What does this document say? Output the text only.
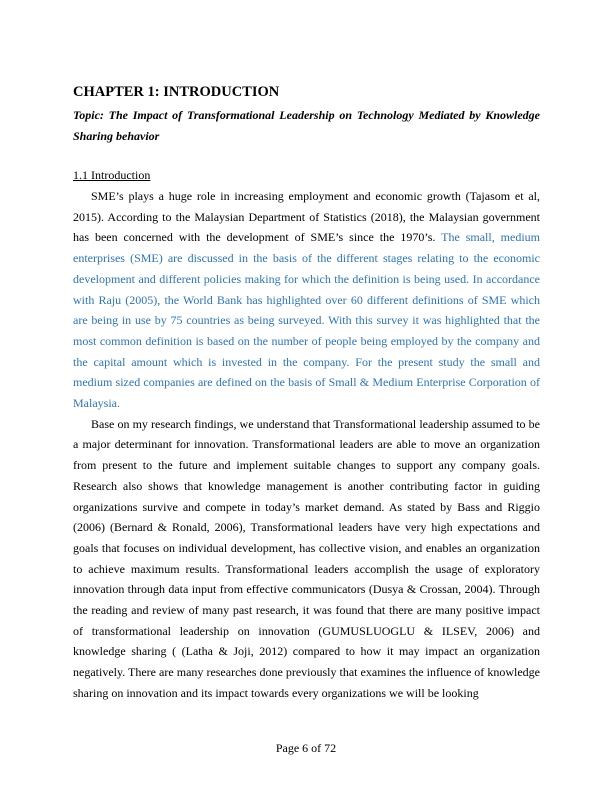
CHAPTER 1: INTRODUCTION

Topic: The Impact of Transformational Leadership on Technology Mediated by Knowledge Sharing behavior

1.1 Introduction

SME’s plays a huge role in increasing employment and economic growth (Tajasom et al, 2015). According to the Malaysian Department of Statistics (2018), the Malaysian government has been concerned with the development of SME’s since the 1970’s. The small, medium enterprises (SME) are discussed in the basis of the different stages relating to the economic development and different policies making for which the definition is being used. In accordance with Raju (2005), the World Bank has highlighted over 60 different definitions of SME which are being in use by 75 countries as being surveyed. With this survey it was highlighted that the most common definition is based on the number of people being employed by the company and the capital amount which is invested in the company. For the present study the small and medium sized companies are defined on the basis of Small & Medium Enterprise Corporation of Malaysia.

Base on my research findings, we understand that Transformational leadership assumed to be a major determinant for innovation. Transformational leaders are able to move an organization from present to the future and implement suitable changes to support any company goals. Research also shows that knowledge management is another contributing factor in guiding organizations survive and compete in today’s market demand. As stated by Bass and Riggio (2006) (Bernard & Ronald, 2006), Transformational leaders have very high expectations and goals that focuses on individual development, has collective vision, and enables an organization to achieve maximum results. Transformational leaders accomplish the usage of exploratory innovation through data input from effective communicators (Dusya & Crossan, 2004). Through the reading and review of many past research, it was found that there are many positive impact of transformational leadership on innovation (GUMUSLUOGLU & ILSEV, 2006) and knowledge sharing ( (Latha & Joji, 2012) compared to how it may impact an organization negatively. There are many researches done previously that examines the influence of knowledge sharing on innovation and its impact towards every organizations we will be looking

Page 6 of 72
